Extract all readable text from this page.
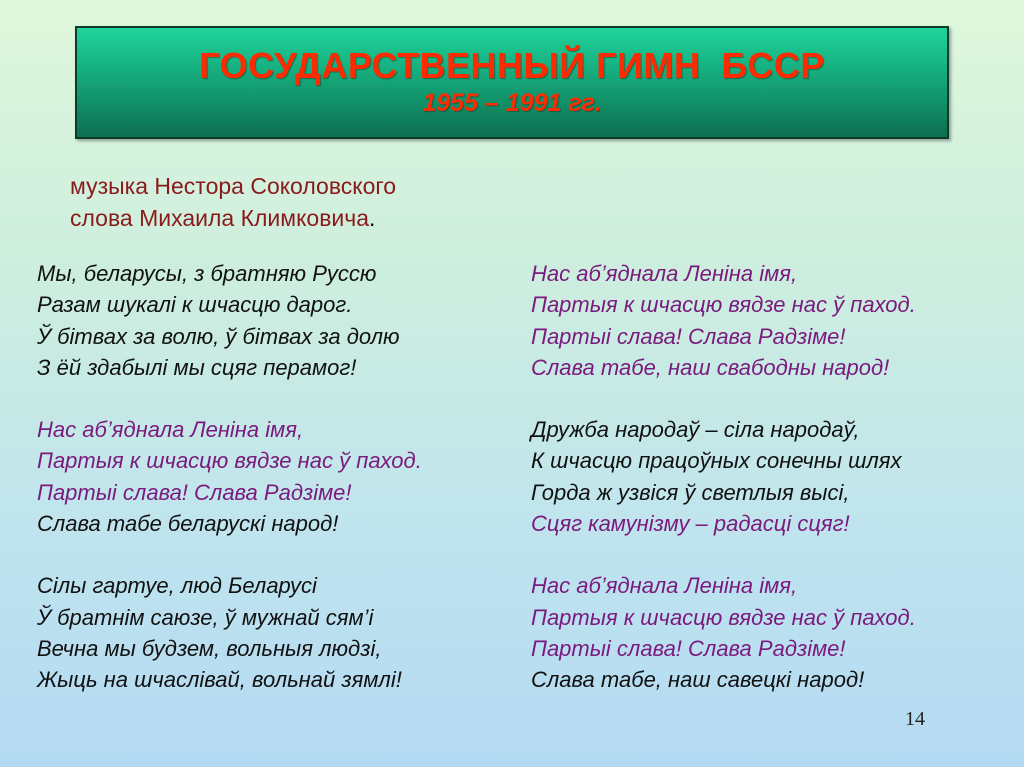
ГОСУДАРСТВЕННЫЙ ГИМН  БССР
1955 – 1991 гг.
музыка Нестора Соколовского
слова Михаила Климковича.
Мы, беларусы, з братняю Руссю
Разам шукалі к шчасцю дарог.
Ў бітвах за волю, ў бітвах за долю
З ёй здабылі мы сцяг перамог!
Нас аб’яднала Леніна імя,
Партыя к шчасцю вядзе нас ў паход.
Партыі слава! Слава Радзіме!
Слава табе беларускі народ!
Сілы гартуе, люд Беларусі
Ў братнім саюзе, ў мужнай сям’і
Вечна мы будзем, вольныя людзі,
Жыць на шчаслівай, вольнай зямлі!
Нас аб’яднала Леніна імя,
Партыя к шчасцю вядзе нас ў паход.
Партыі слава! Слава Радзіме!
Слава табе, наш свабодны народ!
Дружба народаў – сіла народаў,
К шчасцю працоўных сонечны шлях
Горда ж узвіся ў светлыя высі,
Сцяг камунізму – радасці сцяг!
Нас аб’яднала Леніна імя,
Партыя к шчасцю вядзе нас ў паход.
Партыі слава! Слава Радзіме!
Слава табе, наш савецкі народ!
14
